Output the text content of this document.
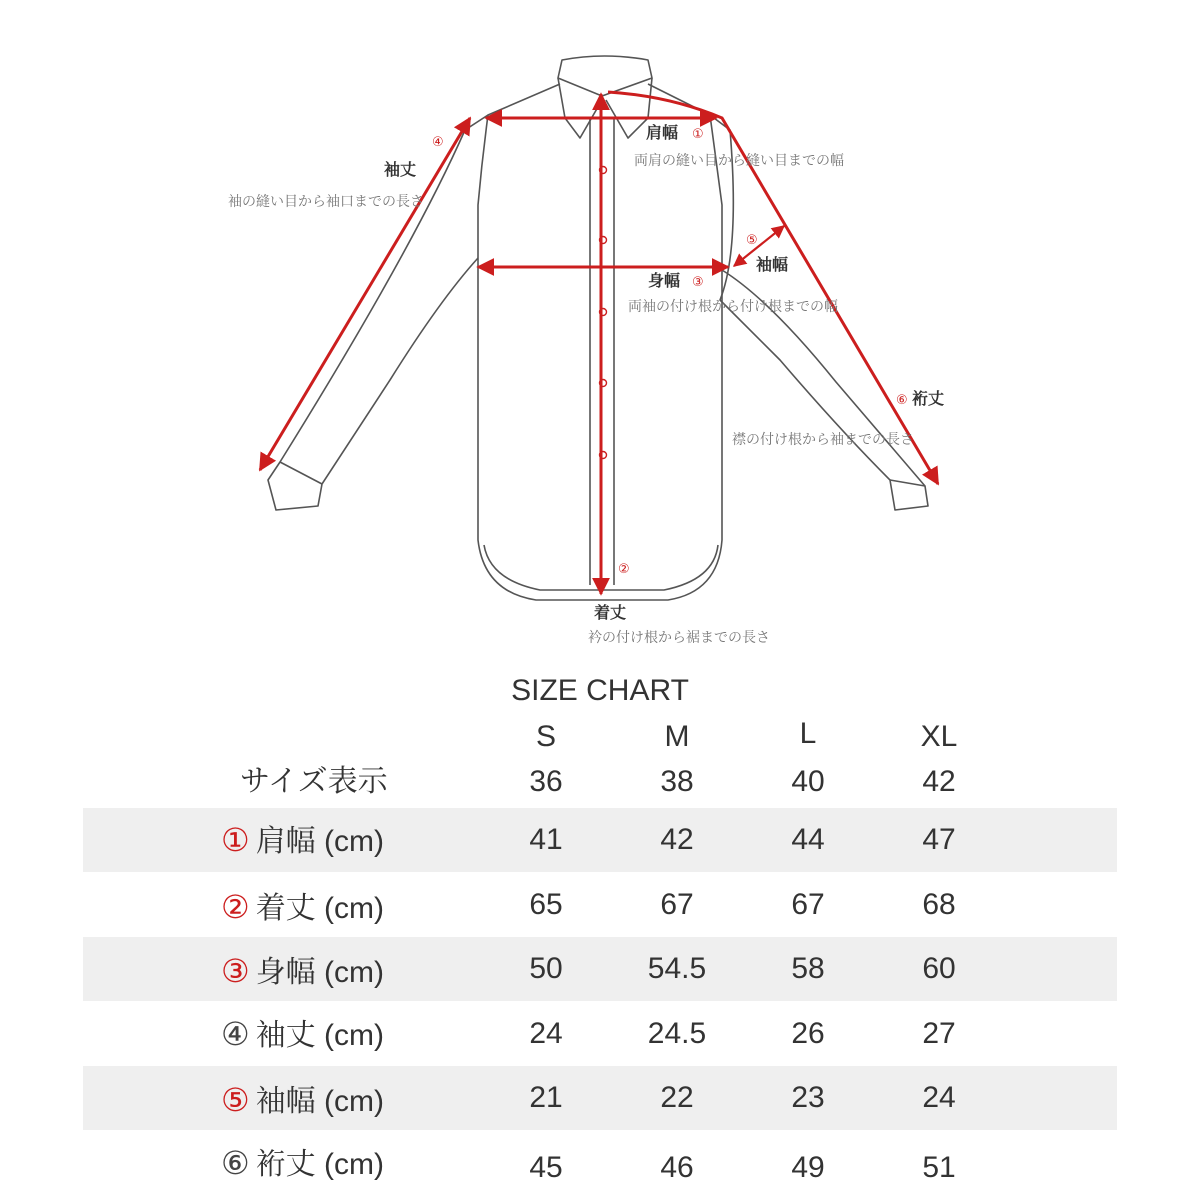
肩幅 ①
両肩の縫い目から縫い目までの幅
④
袖丈
袖の縫い目から袖口までの長さ
⑤
袖幅
身幅 ③
両袖の付け根から付け根までの幅
⑥ 裄丈
襟の付け根から袖までの長さ
②
着丈
衿の付け根から裾までの長さ
SIZE CHART
S	M	L	XL
サイズ表示	36	38	40	42
① 肩幅 (cm)	41	42	44	47
② 着丈 (cm)	65	67	67	68
③ 身幅 (cm)	50	54.5	58	60
④ 袖丈 (cm)	24	24.5	26	27
⑤ 袖幅 (cm)	21	22	23	24
⑥ 裄丈 (cm)	45	46	49	51
